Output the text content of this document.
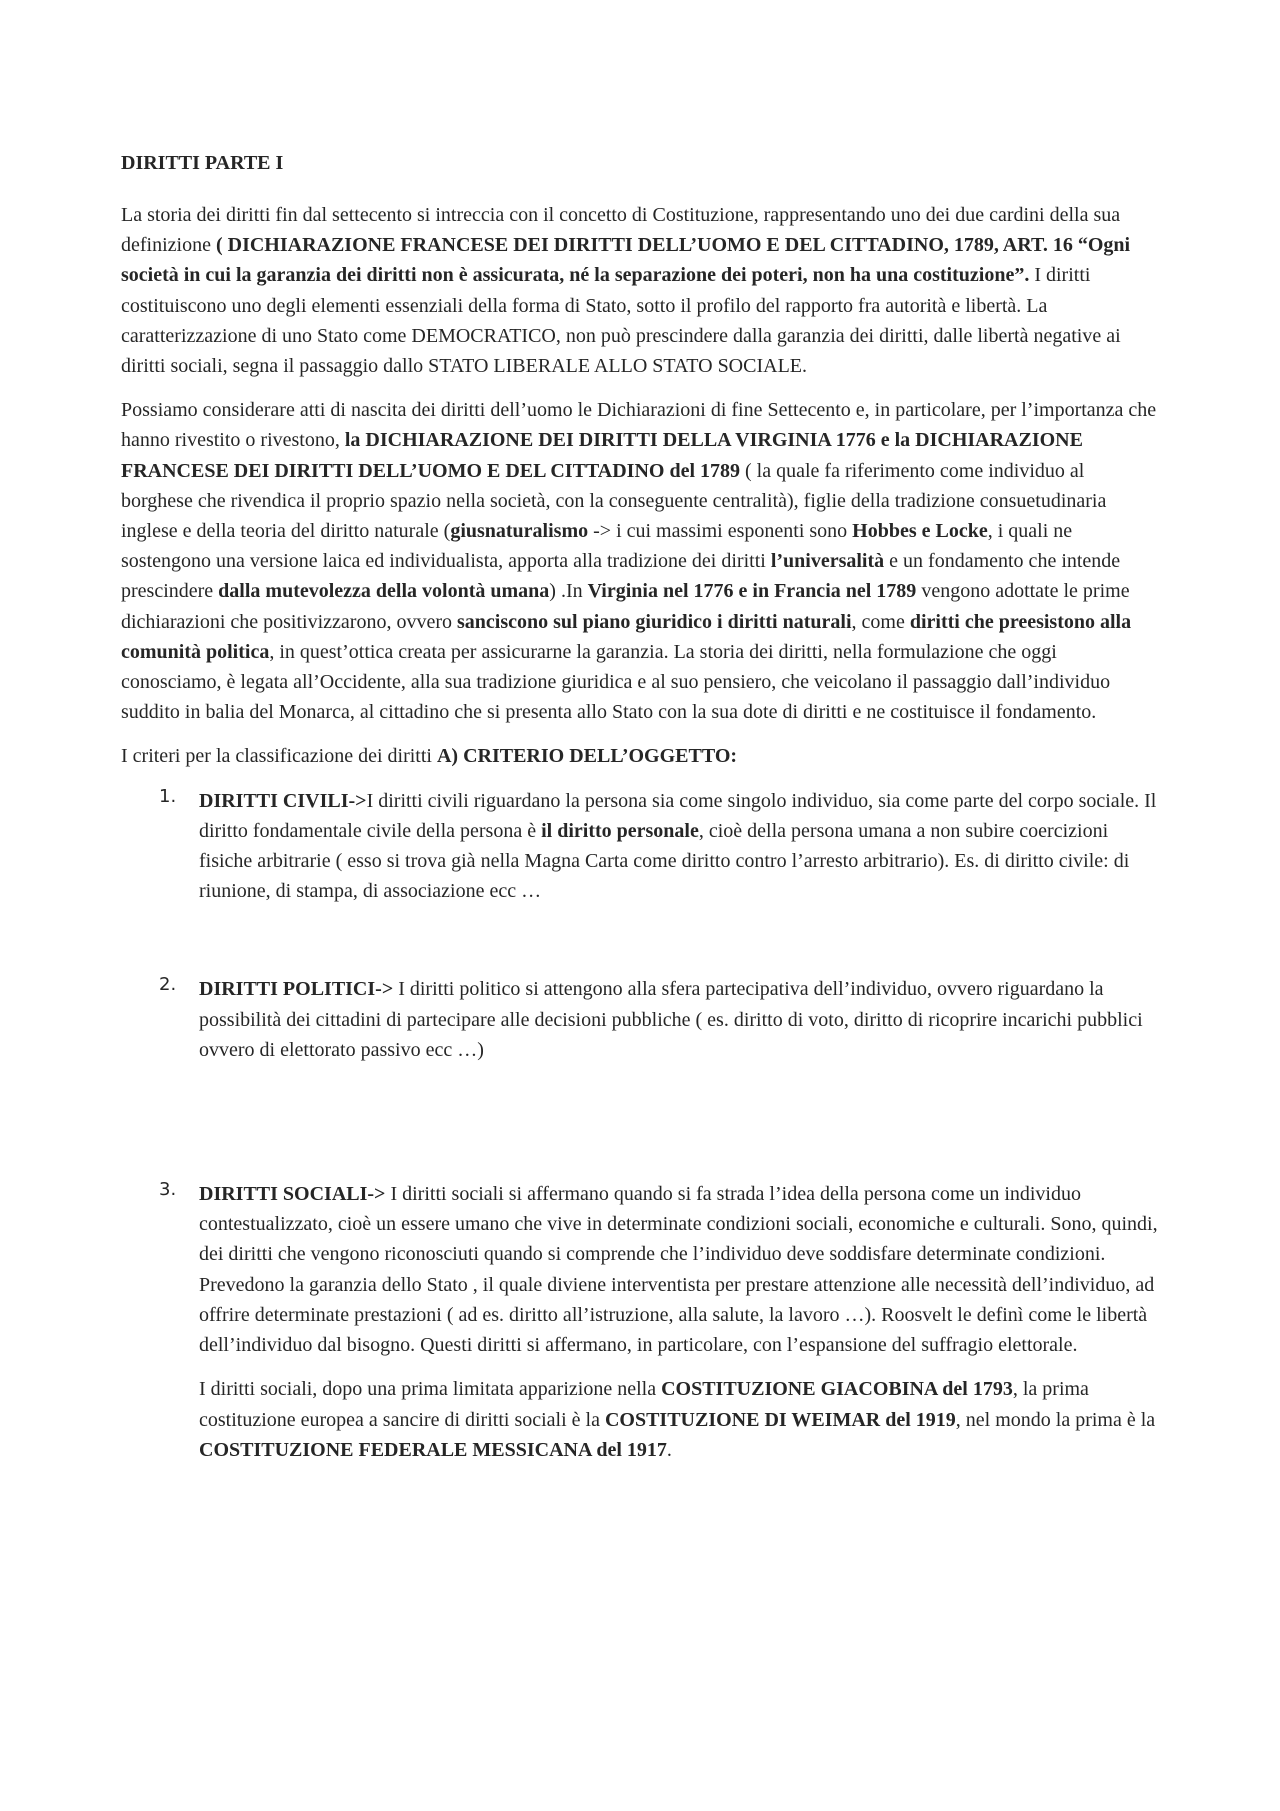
DIRITTI PARTE I

La storia dei diritti fin dal settecento si intreccia con il concetto di Costituzione, rappresentando uno dei due cardini della sua definizione ( DICHIARAZIONE FRANCESE DEI DIRITTI DELL’UOMO E DEL CITTADINO, 1789, ART. 16 “Ogni società in cui la garanzia dei diritti non è assicurata, né la separazione dei poteri, non ha una costituzione”. I diritti costituiscono uno degli elementi essenziali della forma di Stato, sotto il profilo del rapporto fra autorità e libertà. La caratterizzazione di uno Stato come DEMOCRATICO, non può prescindere dalla garanzia dei diritti, dalle libertà negative ai diritti sociali, segna il passaggio dallo STATO LIBERALE ALLO STATO SOCIALE.

Possiamo considerare atti di nascita dei diritti dell’uomo le Dichiarazioni di fine Settecento e, in particolare, per l’importanza che hanno rivestito o rivestono, la DICHIARAZIONE DEI DIRITTI DELLA VIRGINIA 1776 e la DICHIARAZIONE FRANCESE DEI DIRITTI DELL’UOMO E DEL CITTADINO del 1789 ( la quale fa riferimento come individuo al borghese che rivendica il proprio spazio nella società, con la conseguente centralità), figlie della tradizione consuetudinaria inglese e della teoria del diritto naturale (giusnaturalismo -> i cui massimi esponenti sono Hobbes e Locke, i quali ne sostengono una versione laica ed individualista, apporta alla tradizione dei diritti l’universalità e un fondamento che intende prescindere dalla mutevolezza della volontà umana) .In Virginia nel 1776 e in Francia nel 1789 vengono adottate le prime dichiarazioni che positivizzarono, ovvero sanciscono sul piano giuridico i diritti naturali, come diritti che preesistono alla comunità politica, in quest’ottica creata per assicurarne la garanzia. La storia dei diritti, nella formulazione che oggi conosciamo, è legata all’Occidente, alla sua tradizione giuridica e al suo pensiero, che veicolano il passaggio dall’individuo suddito in balia del Monarca, al cittadino che si presenta allo Stato con la sua dote di diritti e ne costituisce il fondamento.

I criteri per la classificazione dei diritti A) CRITERIO DELL’OGGETTO:

1. DIRITTI CIVILI->I diritti civili riguardano la persona sia come singolo individuo, sia come parte del corpo sociale. Il diritto fondamentale civile della persona è il diritto personale, cioè della persona umana a non subire coercizioni fisiche arbitrarie ( esso si trova già nella Magna Carta come diritto contro l’arresto arbitrario). Es. di diritto civile: di riunione, di stampa, di associazione ecc …
2. DIRITTI POLITICI-> I diritti politico si attengono alla sfera partecipativa dell’individuo, ovvero riguardano la possibilità dei cittadini di partecipare alle decisioni pubbliche ( es. diritto di voto, diritto di ricoprire incarichi pubblici ovvero di elettorato passivo ecc …)
3. DIRITTI SOCIALI-> I diritti sociali si affermano quando si fa strada l’idea della persona come un individuo contestualizzato, cioè un essere umano che vive in determinate condizioni sociali, economiche e culturali. Sono, quindi, dei diritti che vengono riconosciuti quando si comprende che l’individuo deve soddisfare determinate condizioni. Prevedono la garanzia dello Stato , il quale diviene interventista per prestare attenzione alle necessità dell’individuo, ad offrire determinate prestazioni ( ad es. diritto all’istruzione, alla salute, la lavoro …). Roosvelt le definì come le libertà dell’individuo dal bisogno. Questi diritti si affermano, in particolare, con l’espansione del suffragio elettorale.

I diritti sociali, dopo una prima limitata apparizione nella COSTITUZIONE GIACOBINA del 1793, la prima costituzione europea a sancire di diritti sociali è la COSTITUZIONE DI WEIMAR del 1919, nel mondo la prima è la COSTITUZIONE FEDERALE MESSICANA del 1917.
